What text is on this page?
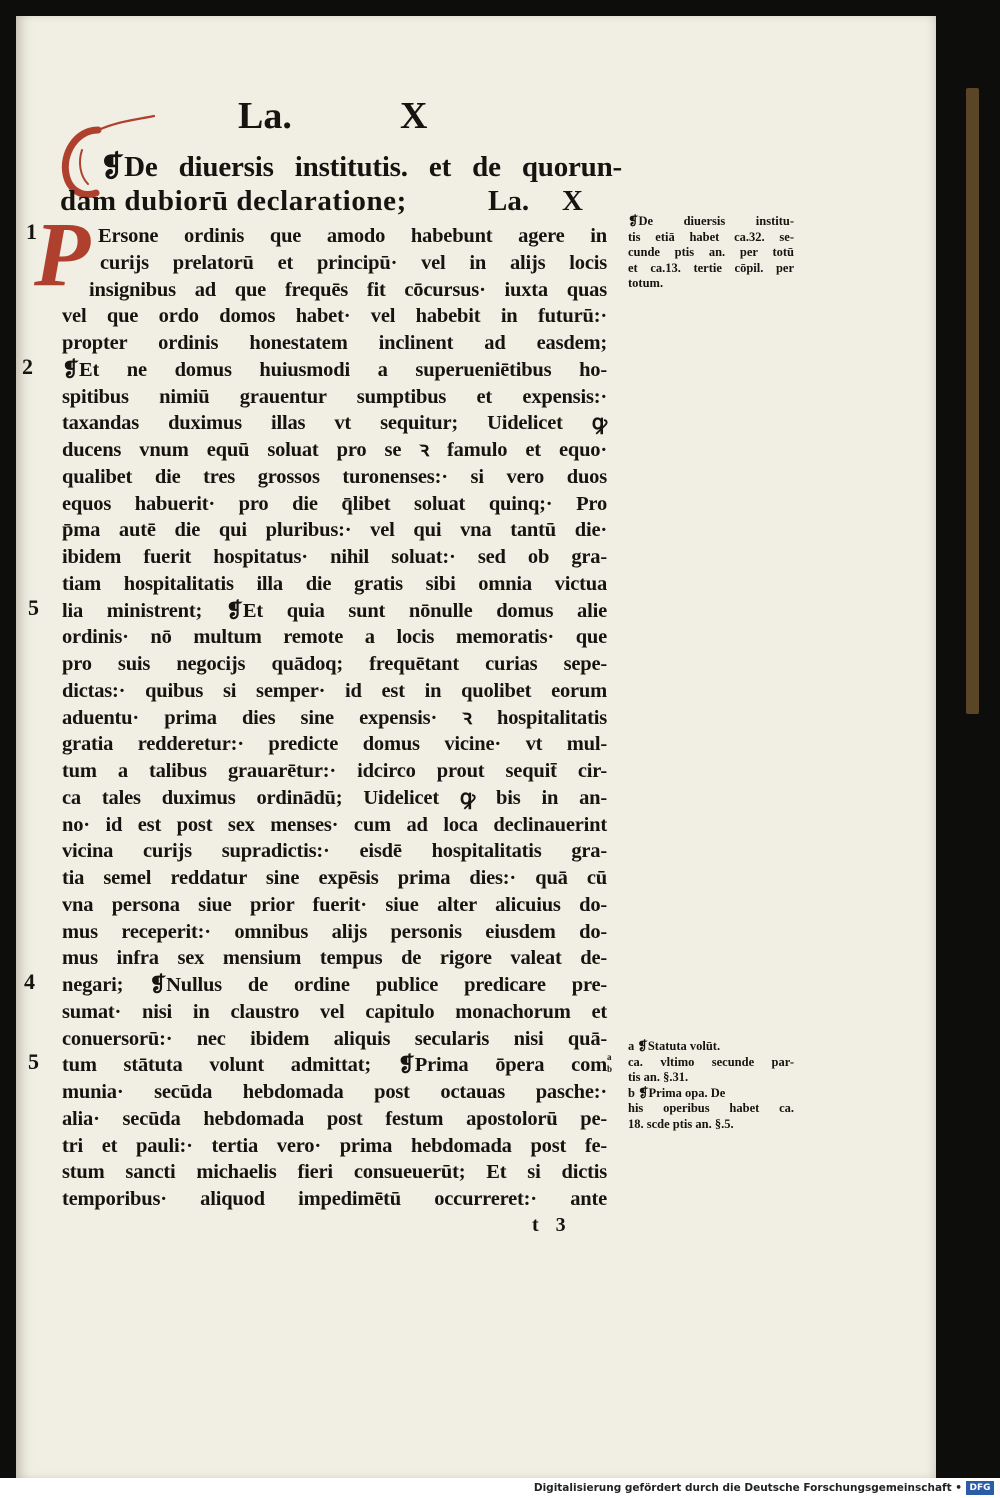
La.	X
❡De diuersis institutis. et de quorun-
dam dubiorū declaratione;	La. X
1
2
5
4
5
P Ersone ordinis que amodo habebunt agere in
curijs prelatorū et principū· vel in alijs locis
insignibus ad que frequēs fit cōcursus· iuxta quas
vel que ordo domos habet· vel habebit in futurū:·
propter ordinis honestatem inclinent ad easdem;
❡Et ne domus huiusmodi a superueniētibus ho-
spitibus nimiū grauentur sumptibus et expensis:·
taxandas duximus illas vt sequitur; Uidelicet ꝙ
ducens vnum equū soluat pro se ꝛ famulo et equo·
qualibet die tres grossos turonenses:· si vero duos
equos habuerit· pro die q̄libet soluat quinq;· Pro
p̄ma autē die qui pluribus:· vel qui vna tantū die·
ibidem fuerit hospitatus· nihil soluat:· sed ob gra-
tiam hospitalitatis illa die gratis sibi omnia victua
lia ministrent; ❡Et quia sunt nōnulle domus alie
ordinis· nō multum remote a locis memoratis· que
pro suis negocijs quādoq; frequētant curias sepe-
dictas:· quibus si semper· id est in quolibet eorum
aduentu· prima dies sine expensis· ꝛ hospitalitatis
gratia redderetur:· predicte domus vicine· vt mul-
tum a talibus grauarētur:· idcirco prout sequit̄ cir-
ca tales duximus ordinādū; Uidelicet ꝙ bis in an-
no· id est post sex menses· cum ad loca declinauerint
vicina curijs supradictis:· eisdē hospitalitatis gra-
tia semel reddatur sine expēsis prima dies:· quā cū
vna persona siue prior fuerit· siue alter alicuius do-
mus receperit:· omnibus alijs personis eiusdem do-
mus infra sex mensium tempus de rigore valeat de-
negari; ❡Nullus de ordine publice predicare pre-
sumat· nisi in claustro vel capitulo monachorum et
conuersorū:· nec ibidem aliquis secularis nisi quā-
tum stātuta volunt admittat; ❡Prima ōpera com
munia· secūda hebdomada post octauas pasche:·
alia· secūda hebdomada post festum apostolorū pe-
tri et pauli:· tertia vero· prima hebdomada post fe-
stum sancti michaelis fieri consueuerūt; Et si dictis
temporibus· aliquod impedimētū occurreret:· ante
a
b
❡De diuersis institu-
tis etiā habet ca.32. se-
cunde ptis an. per totū
et ca.13. tertie cōpil. per
totum.
a ❡Statuta volūt.
ca. vltimo secunde par-
tis an. §.31.
b ❡Prima opa. De
his operibus habet ca.
18. scde ptis an. §.5.
t 3
Digitalisierung gefördert durch die Deutsche Forschungsgemeinschaft • DFG
